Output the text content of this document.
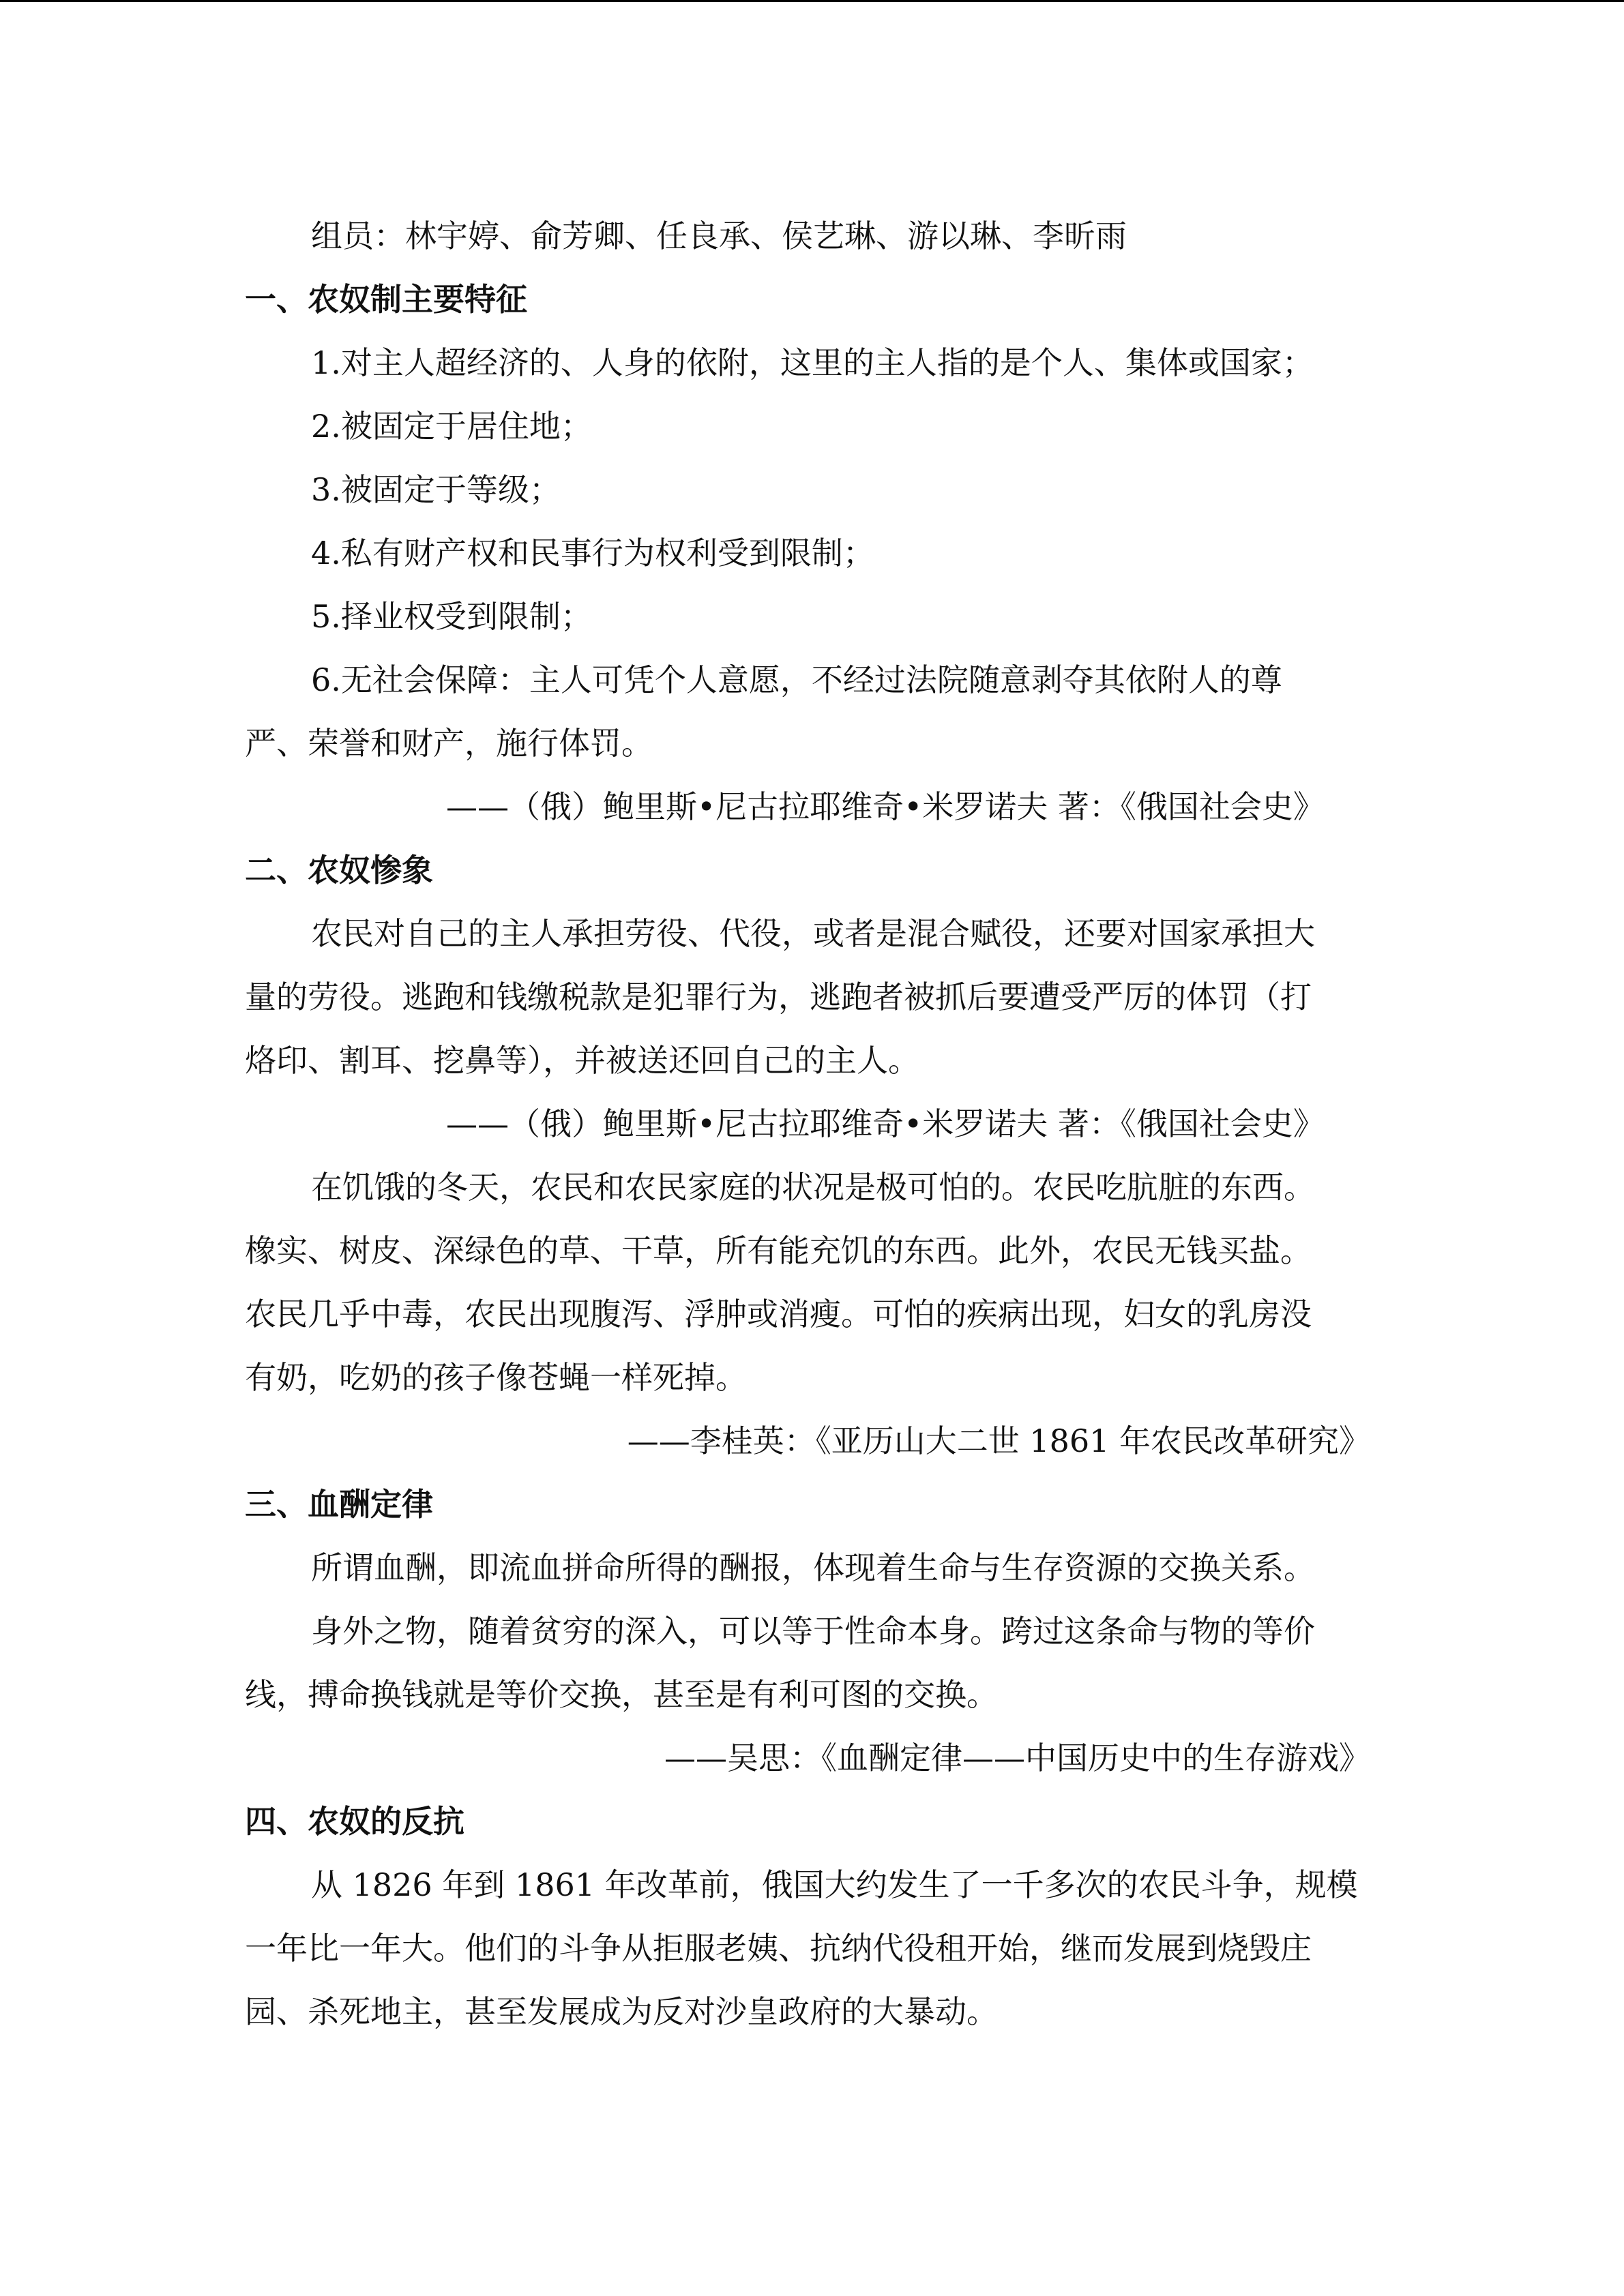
组员：林宇婷、俞芳卿、任良承、侯艺琳、游以琳、李昕雨
一、农奴制主要特征
1.对主人超经济的、人身的依附，这里的主人指的是个人、集体或国家；
2.被固定于居住地；
3.被固定于等级；
4.私有财产权和民事行为权利受到限制；
5.择业权受到限制；
6.无社会保障：主人可凭个人意愿，不经过法院随意剥夺其依附人的尊
严、荣誉和财产，施行体罚。
——（俄）鲍里斯•尼古拉耶维奇•米罗诺夫 著：《俄国社会史》
二、农奴惨象
农民对自己的主人承担劳役、代役，或者是混合赋役，还要对国家承担大
量的劳役。逃跑和钱缴税款是犯罪行为，逃跑者被抓后要遭受严厉的体罚（打
烙印、割耳、挖鼻等），并被送还回自己的主人。
——（俄）鲍里斯•尼古拉耶维奇•米罗诺夫 著：《俄国社会史》
在饥饿的冬天，农民和农民家庭的状况是极可怕的。农民吃肮脏的东西。
橡实、树皮、深绿色的草、干草，所有能充饥的东西。此外，农民无钱买盐。
农民几乎中毒，农民出现腹泻、浮肿或消瘦。可怕的疾病出现，妇女的乳房没
有奶，吃奶的孩子像苍蝇一样死掉。
——李桂英：《亚历山大二世 1861 年农民改革研究》
三、血酬定律
所谓血酬，即流血拼命所得的酬报，体现着生命与生存资源的交换关系。
身外之物，随着贫穷的深入，可以等于性命本身。跨过这条命与物的等价
线，搏命换钱就是等价交换，甚至是有利可图的交换。
——吴思：《血酬定律——中国历史中的生存游戏》
四、农奴的反抗
从 1826 年到 1861 年改革前，俄国大约发生了一千多次的农民斗争，规模
一年比一年大。他们的斗争从拒服老姨、抗纳代役租开始，继而发展到烧毁庄
园、杀死地主，甚至发展成为反对沙皇政府的大暴动。
